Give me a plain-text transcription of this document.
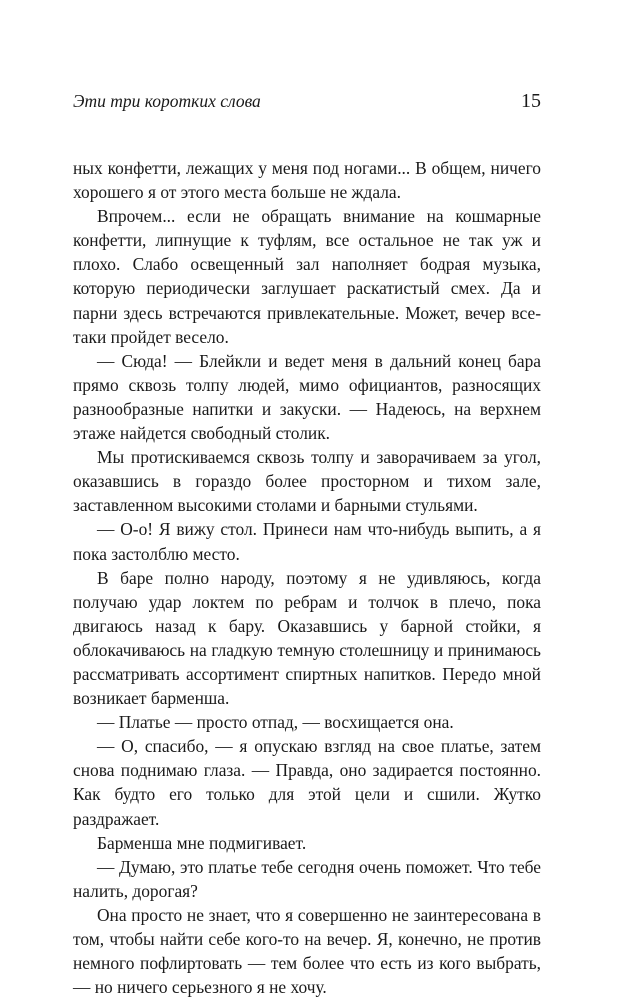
Эти три коротких слова	15

ных конфетти, лежащих у меня под ногами... В общем, ничего хорошего я от этого места больше не ждала.

Впрочем... если не обращать внимание на кошмарные конфетти, липнущие к туфлям, все остальное не так уж и плохо. Слабо освещенный зал наполняет бодрая музыка, которую периодически заглушает раскатистый смех. Да и парни здесь встречаются привлекательные. Может, вечер все-таки пройдет весело.

— Сюда! — Блейкли и ведет меня в дальний конец бара прямо сквозь толпу людей, мимо официантов, разносящих разнообразные напитки и закуски. — Надеюсь, на верхнем этаже найдется свободный столик.

Мы протискиваемся сквозь толпу и заворачиваем за угол, оказавшись в гораздо более просторном и тихом зале, заставленном высокими столами и барными стульями.

— О-о! Я вижу стол. Принеси нам что-нибудь выпить, а я пока застолблю место.

В баре полно народу, поэтому я не удивляюсь, когда получаю удар локтем по ребрам и толчок в плечо, пока двигаюсь назад к бару. Оказавшись у барной стойки, я облокачиваюсь на гладкую темную столешницу и принимаюсь рассматривать ассортимент спиртных напитков. Передо мной возникает барменша.

— Платье — просто отпад, — восхищается она.

— О, спасибо, — я опускаю взгляд на свое платье, затем снова поднимаю глаза. — Правда, оно задирается постоянно. Как будто его только для этой цели и сшили. Жутко раздражает.

Барменша мне подмигивает.

— Думаю, это платье тебе сегодня очень поможет. Что тебе налить, дорогая?

Она просто не знает, что я совершенно не заинтересована в том, чтобы найти себе кого-то на вечер. Я, конечно, не против немного пофлиртовать — тем более что есть из кого выбрать, — но ничего серьезного я не хочу.
